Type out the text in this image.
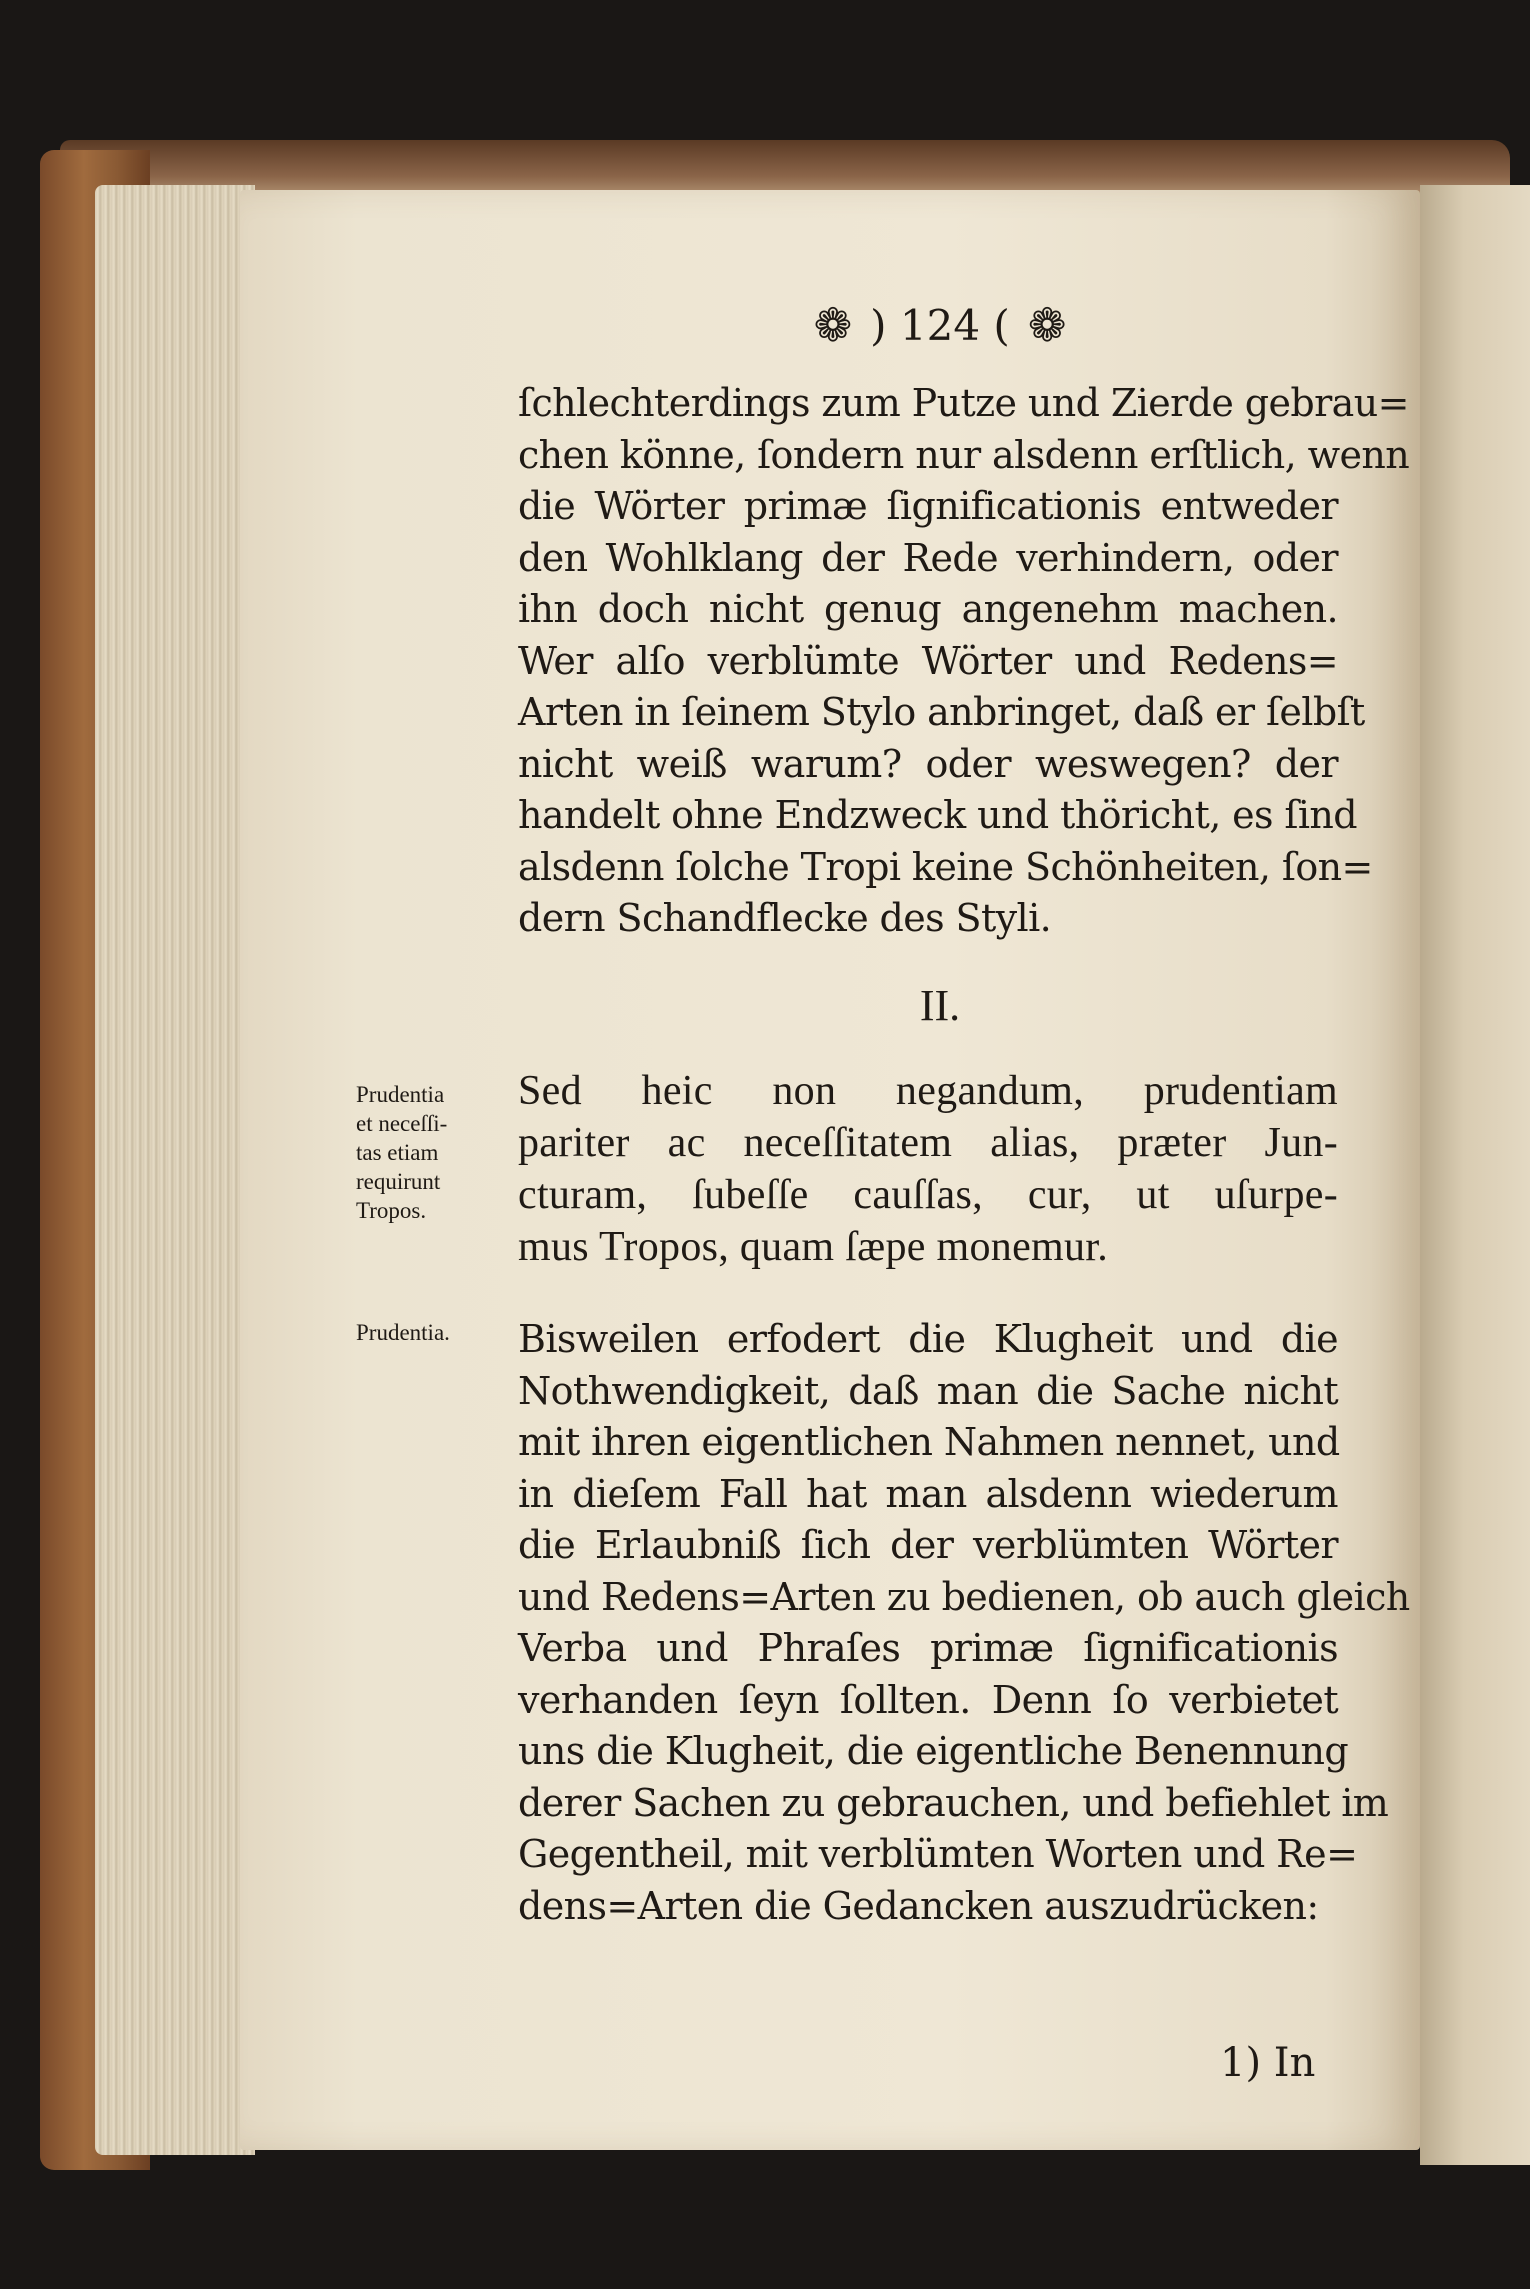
❁ ) 124 ( ❁
ſchlechterdings zum Putze und Zierde gebrau=
chen könne, ſondern nur alsdenn erſtlich, wenn
die Wörter primæ ſignificationis entweder
den Wohlklang der Rede verhindern, oder
ihn doch nicht genug angenehm machen.
Wer alſo verblümte Wörter und Redens=
Arten in ſeinem Stylo anbringet, daß er ſelbſt
nicht weiß warum? oder weswegen? der
handelt ohne Endzweck und thöricht, es ſind
alsdenn ſolche Tropi keine Schönheiten, ſon=
dern Schandflecke des Styli.
II.
Prudentia
et neceſſi-
tas etiam
requirunt
Tropos.
Sed heic non negandum, prudentiam
pariter ac neceſſitatem alias, præter Jun-
cturam, ſubeſſe cauſſas, cur, ut uſurpe-
mus Tropos, quam ſæpe monemur.
Prudentia.	Bisweilen erfodert die Klugheit und die
Nothwendigkeit, daß man die Sache nicht
mit ihren eigentlichen Nahmen nennet, und
in dieſem Fall hat man alsdenn wiederum
die Erlaubniß ſich der verblümten Wörter
und Redens=Arten zu bedienen, ob auch gleich
Verba und Phraſes primæ ſignificationis
verhanden ſeyn ſollten. Denn ſo verbietet
uns die Klugheit, die eigentliche Benennung
derer Sachen zu gebrauchen, und befiehlet im
Gegentheil, mit verblümten Worten und Re=
dens=Arten die Gedancken auszudrücken:
1) In
